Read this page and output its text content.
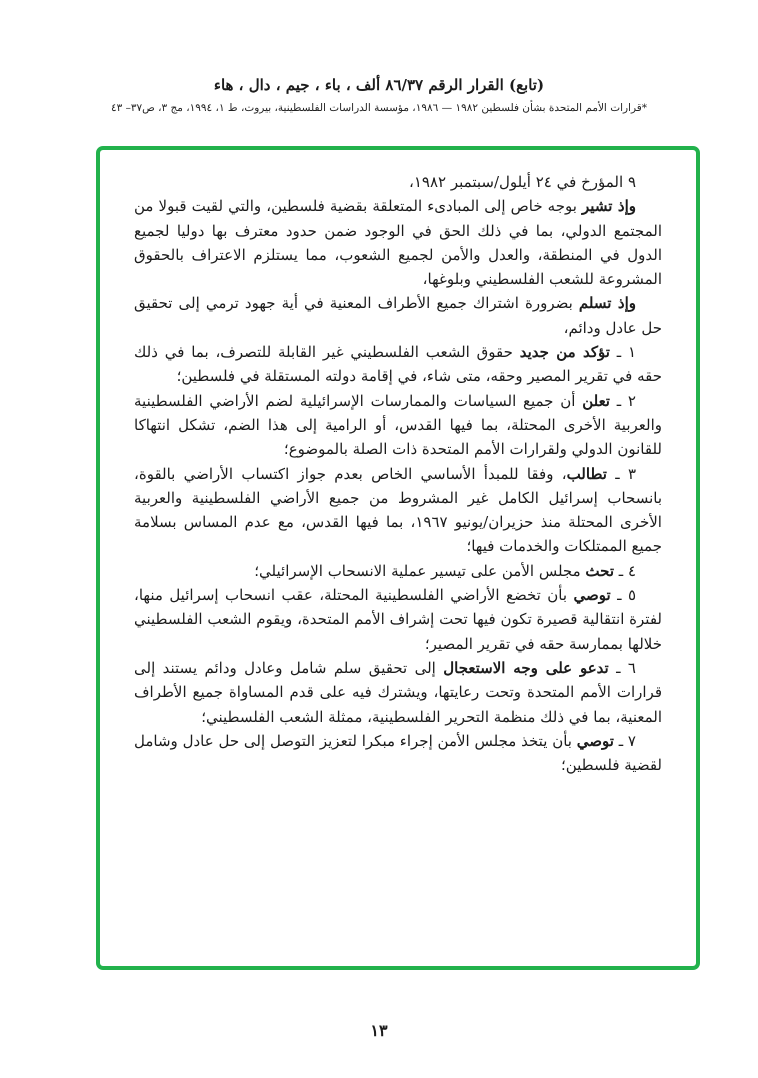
(تابع) القرار الرقم ٨٦/٣٧ ألف ، باء ، جيم ، دال ، هاء
*قرارات الأمم المتحدة بشأن فلسطين ١٩٨٢ — ١٩٨٦، مؤسسة الدراسات الفلسطينية، بيروت، ط ١، ١٩٩٤، مج ٣، ص٣٧– ٤٣

٩ المؤرخ في ٢٤ أيلول/سبتمبر ١٩٨٢،

وإذ تشير بوجه خاص إلى المبادىء المتعلقة بقضية فلسطين، والتي لقيت قبولا من المجتمع الدولي، بما في ذلك الحق في الوجود ضمن حدود معترف بها دوليا لجميع الدول في المنطقة، والعدل والأمن لجميع الشعوب، مما يستلزم الاعتراف بالحقوق المشروعة للشعب الفلسطيني وبلوغها،

وإذ تسلم بضرورة اشتراك جميع الأطراف المعنية في أية جهود ترمي إلى تحقيق حل عادل ودائم،

١ ـ تؤكد من جديد حقوق الشعب الفلسطيني غير القابلة للتصرف، بما في ذلك حقه في تقرير المصير وحقه، متى شاء، في إقامة دولته المستقلة في فلسطين؛

٢ ـ تعلن أن جميع السياسات والممارسات الإسرائيلية لضم الأراضي الفلسطينية والعربية الأخرى المحتلة، بما فيها القدس، أو الرامية إلى هذا الضم، تشكل انتهاكا للقانون الدولي ولقرارات الأمم المتحدة ذات الصلة بالموضوع؛

٣ ـ تطالب، وفقا للمبدأ الأساسي الخاص بعدم جواز اكتساب الأراضي بالقوة، بانسحاب إسرائيل الكامل غير المشروط من جميع الأراضي الفلسطينية والعربية الأخرى المحتلة منذ حزيران/يونيو ١٩٦٧، بما فيها القدس، مع عدم المساس بسلامة جميع الممتلكات والخدمات فيها؛

٤ ـ تحث مجلس الأمن على تيسير عملية الانسحاب الإسرائيلي؛

٥ ـ توصي بأن تخضع الأراضي الفلسطينية المحتلة، عقب انسحاب إسرائيل منها، لفترة انتقالية قصيرة تكون فيها تحت إشراف الأمم المتحدة، ويقوم الشعب الفلسطيني خلالها بممارسة حقه في تقرير المصير؛

٦ ـ تدعو على وجه الاستعجال إلى تحقيق سلم شامل وعادل ودائم يستند إلى قرارات الأمم المتحدة وتحت رعايتها، ويشترك فيه على قدم المساواة جميع الأطراف المعنية، بما في ذلك منظمة التحرير الفلسطينية، ممثلة الشعب الفلسطيني؛

٧ ـ توصي بأن يتخذ مجلس الأمن إجراء مبكرا لتعزيز التوصل إلى حل عادل وشامل لقضية فلسطين؛

١٣
